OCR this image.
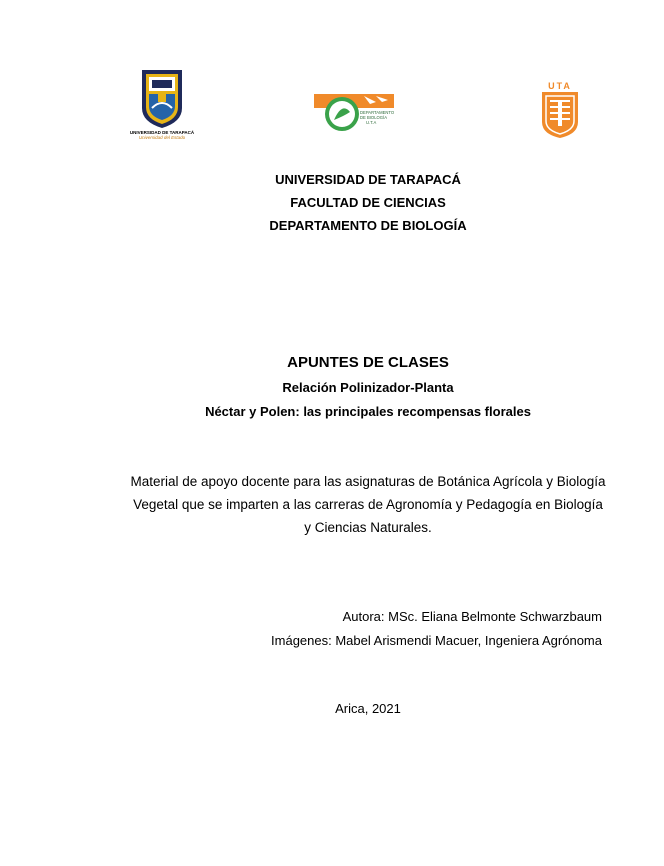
UNIVERSIDAD DE TARAPACÁ
Universidad del Estado
DEPARTAMENTO
DE BIOLOGÍA
U.T.A
UTA
UNIVERSIDAD DE TARAPACÁ
FACULTAD DE CIENCIAS
DEPARTAMENTO DE BIOLOGÍA
APUNTES DE CLASES
Relación Polinizador-Planta
Néctar y Polen: las principales recompensas florales
Material de apoyo docente para las asignaturas de Botánica Agrícola y Biología
Vegetal que se imparten a las carreras de Agronomía y Pedagogía en Biología
y Ciencias Naturales.
Autora: MSc. Eliana Belmonte Schwarzbaum
Imágenes: Mabel Arismendi Macuer, Ingeniera Agrónoma
Arica, 2021
